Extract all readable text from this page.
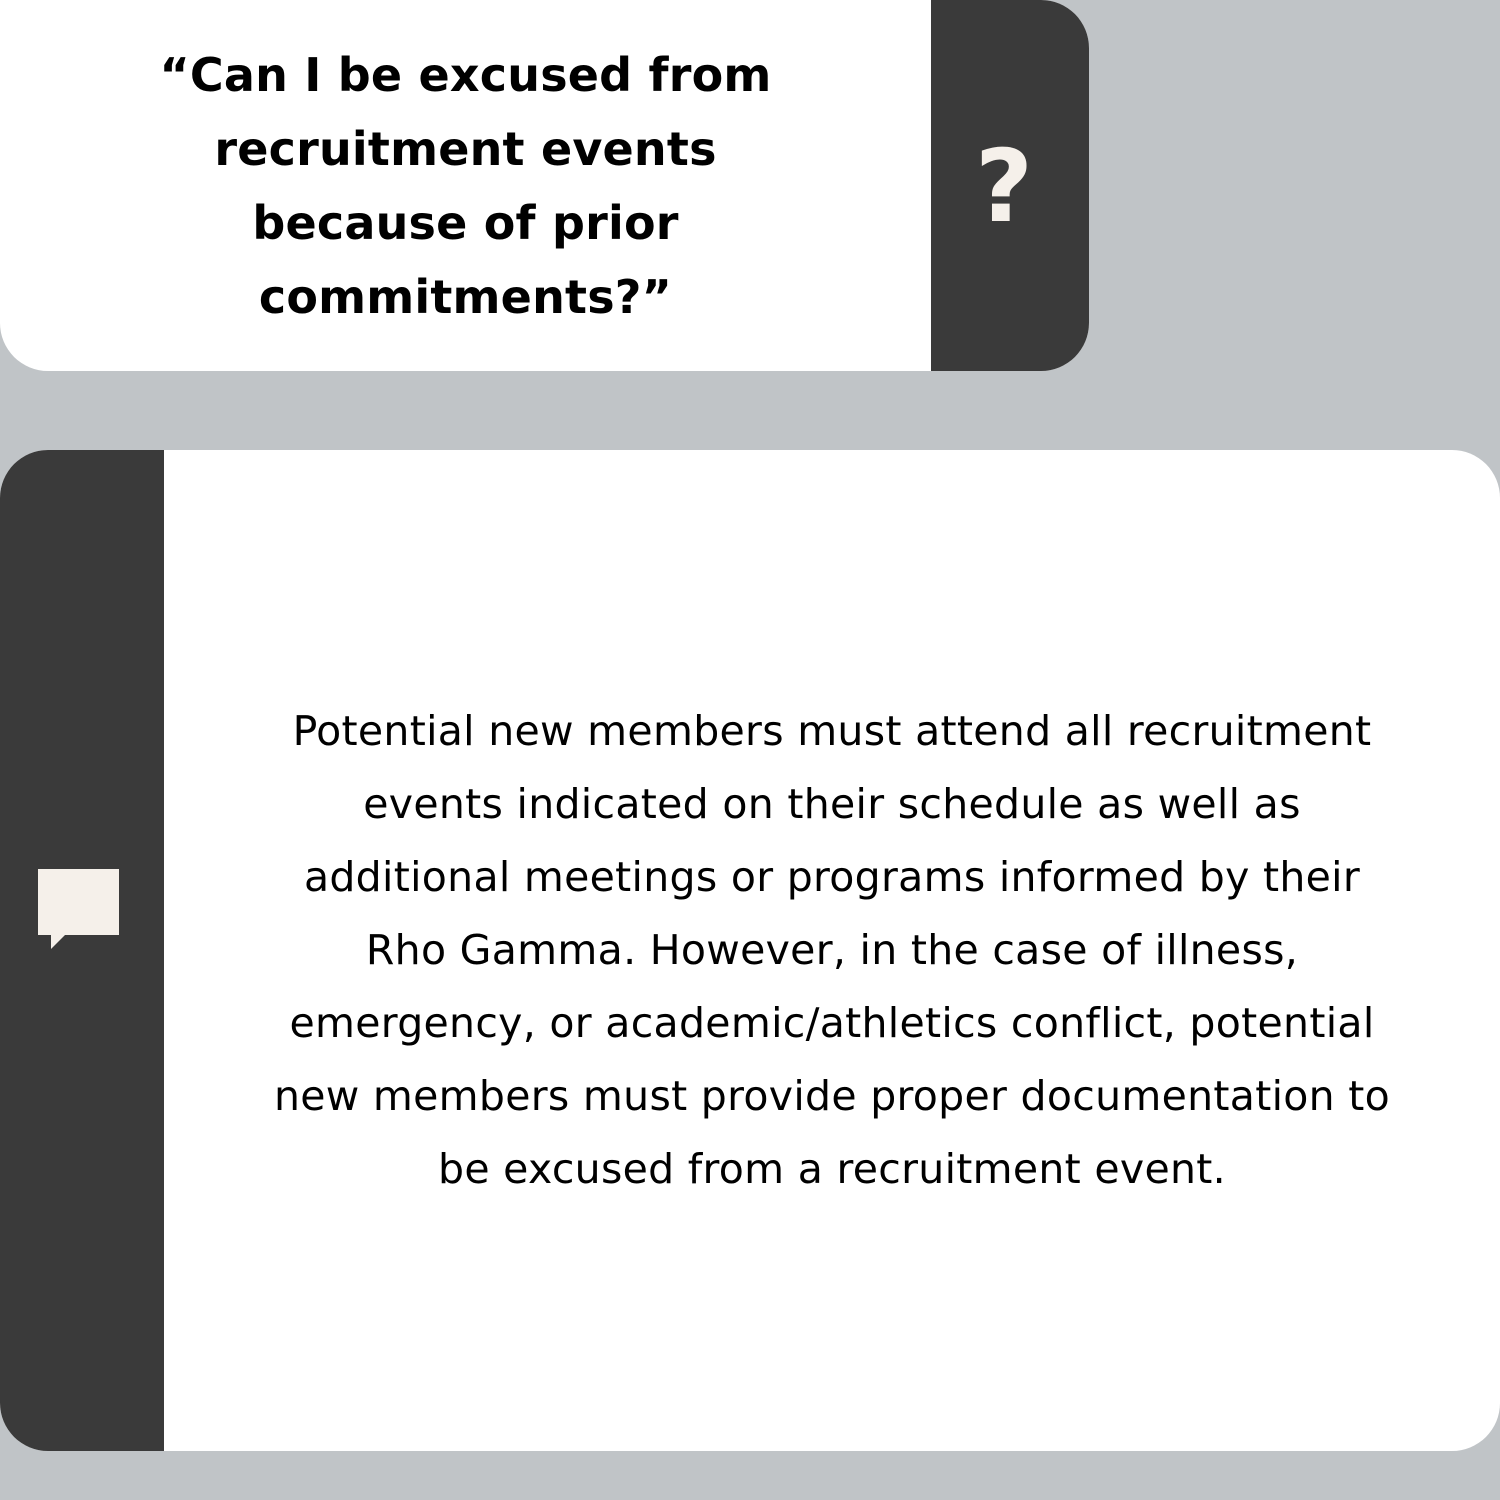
“Can I be excused from recruitment events because of prior commitments?”

?

Potential new members must attend all recruitment events indicated on their schedule as well as additional meetings or programs informed by their Rho Gamma. However, in the case of illness, emergency, or academic/athletics conflict, potential new members must provide proper documentation to be excused from a recruitment event.
